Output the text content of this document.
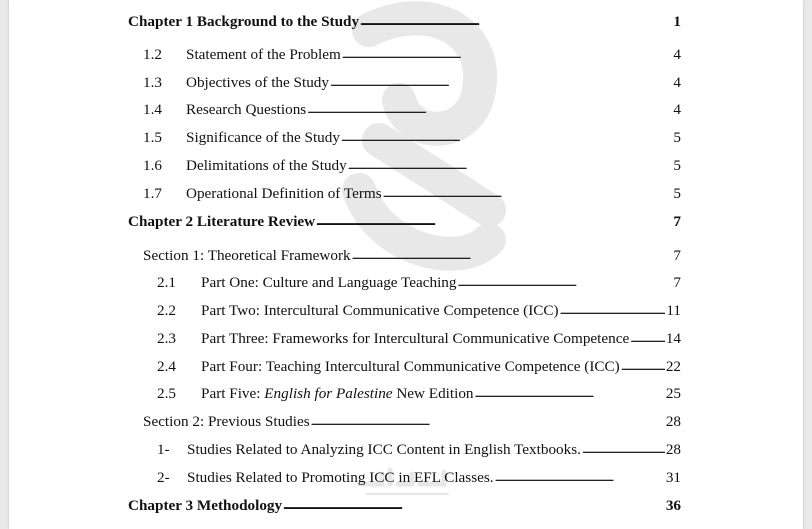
Chapter 1 Background to the Study . . .	1
1.2	Statement of the Problem . . .	4
1.3	Objectives of the Study . . .	4
1.4	Research Questions . . .	4
1.5	Significance of the Study . . .	5
1.6	Delimitations of the Study . . .	5
1.7	Operational Definition of Terms . . .	5
Chapter 2 Literature Review . . .	7
Section 1: Theoretical Framework . . .	7
2.1	Part One: Culture and Language Teaching . . .	7
2.2	Part Two: Intercultural Communicative Competence (ICC) . . .	11
2.3	Part Three: Frameworks for Intercultural Communicative Competence . . . 14
2.4	Part Four: Teaching Intercultural Communicative Competence (ICC) . . .	22
2.5	Part Five: English for Palestine New Edition . . .	25
Section 2: Previous Studies . . .	28
1-	Studies Related to Analyzing ICC Content in English Textbooks. . . .	28
2-	Studies Related to Promoting ICC in EFL Classes. . . .	31
Chapter 3 Methodology . . .	36
